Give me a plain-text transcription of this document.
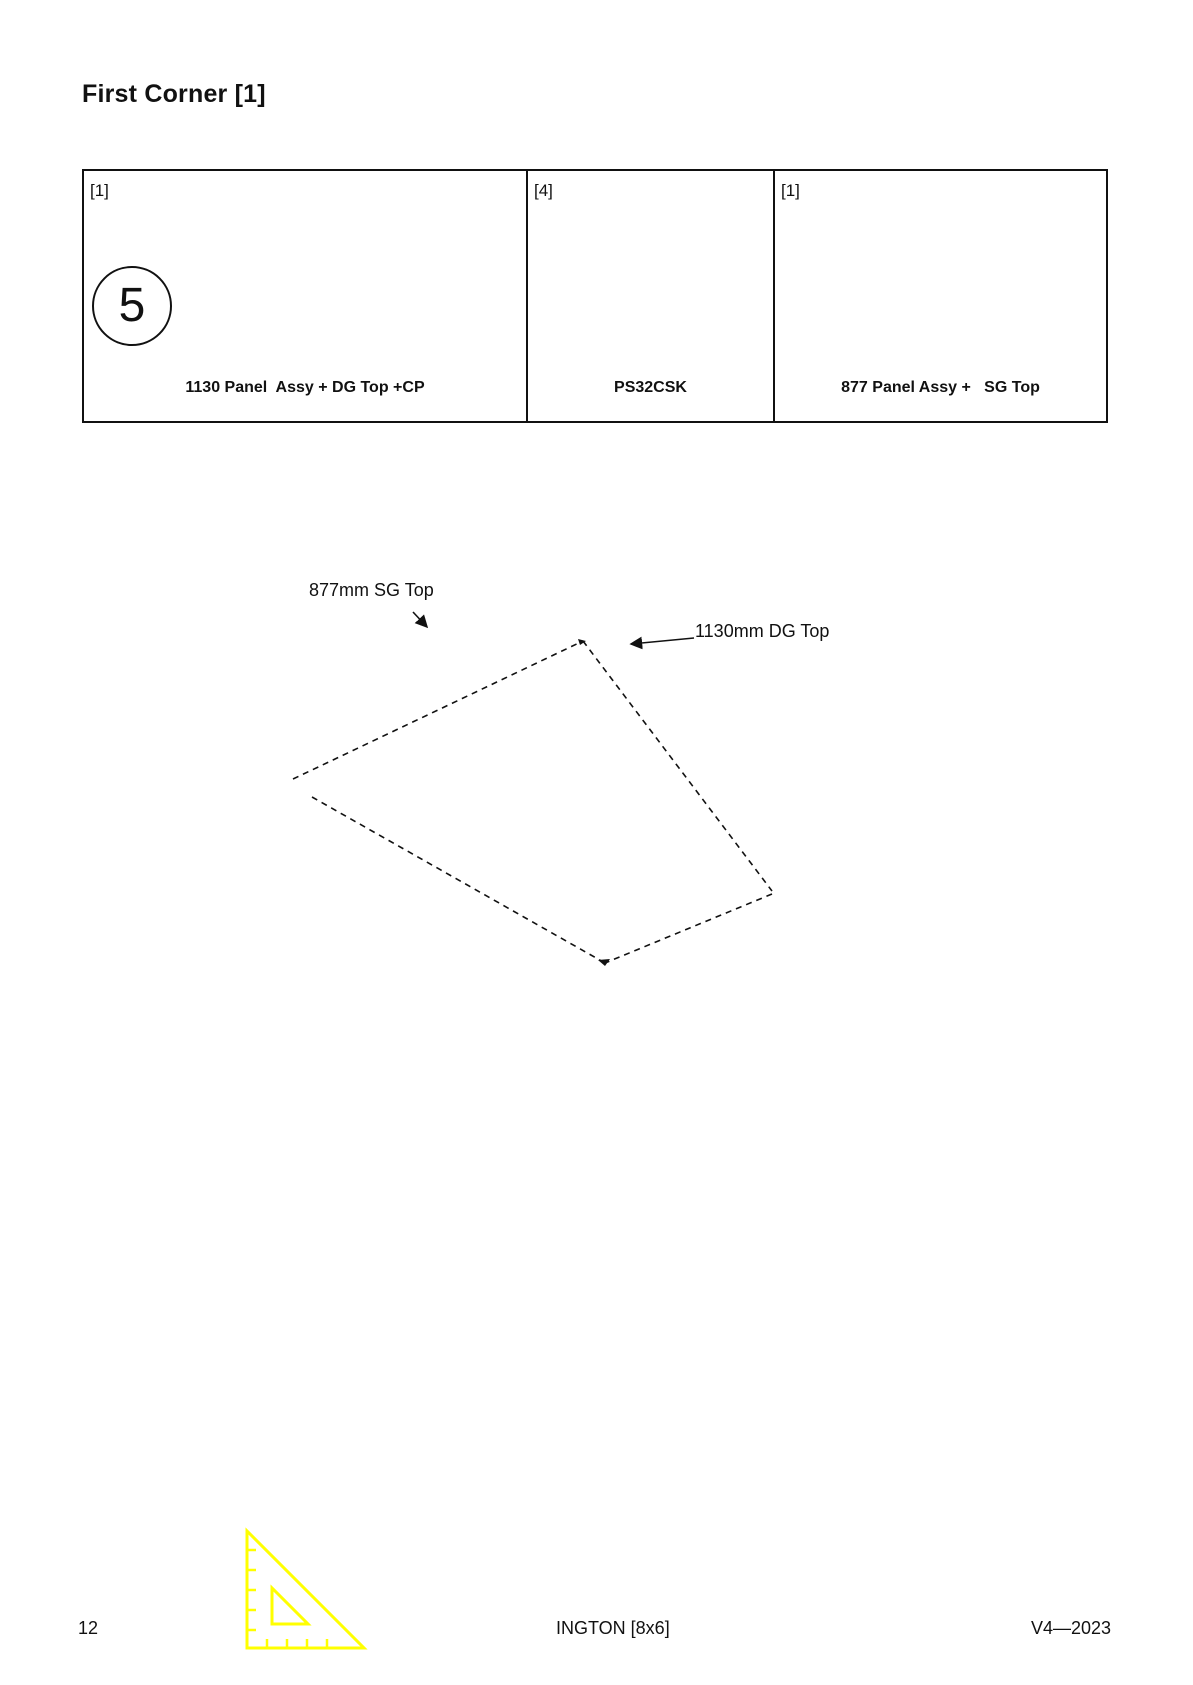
First Corner [1]
[1]
5
1130 Panel  Assy + DG Top +CP
[4]
PS32CSK
[1]
877 Panel Assy +   SG Top
877mm SG Top
1130mm DG Top
12	INGTON [8x6]	V4—2023
